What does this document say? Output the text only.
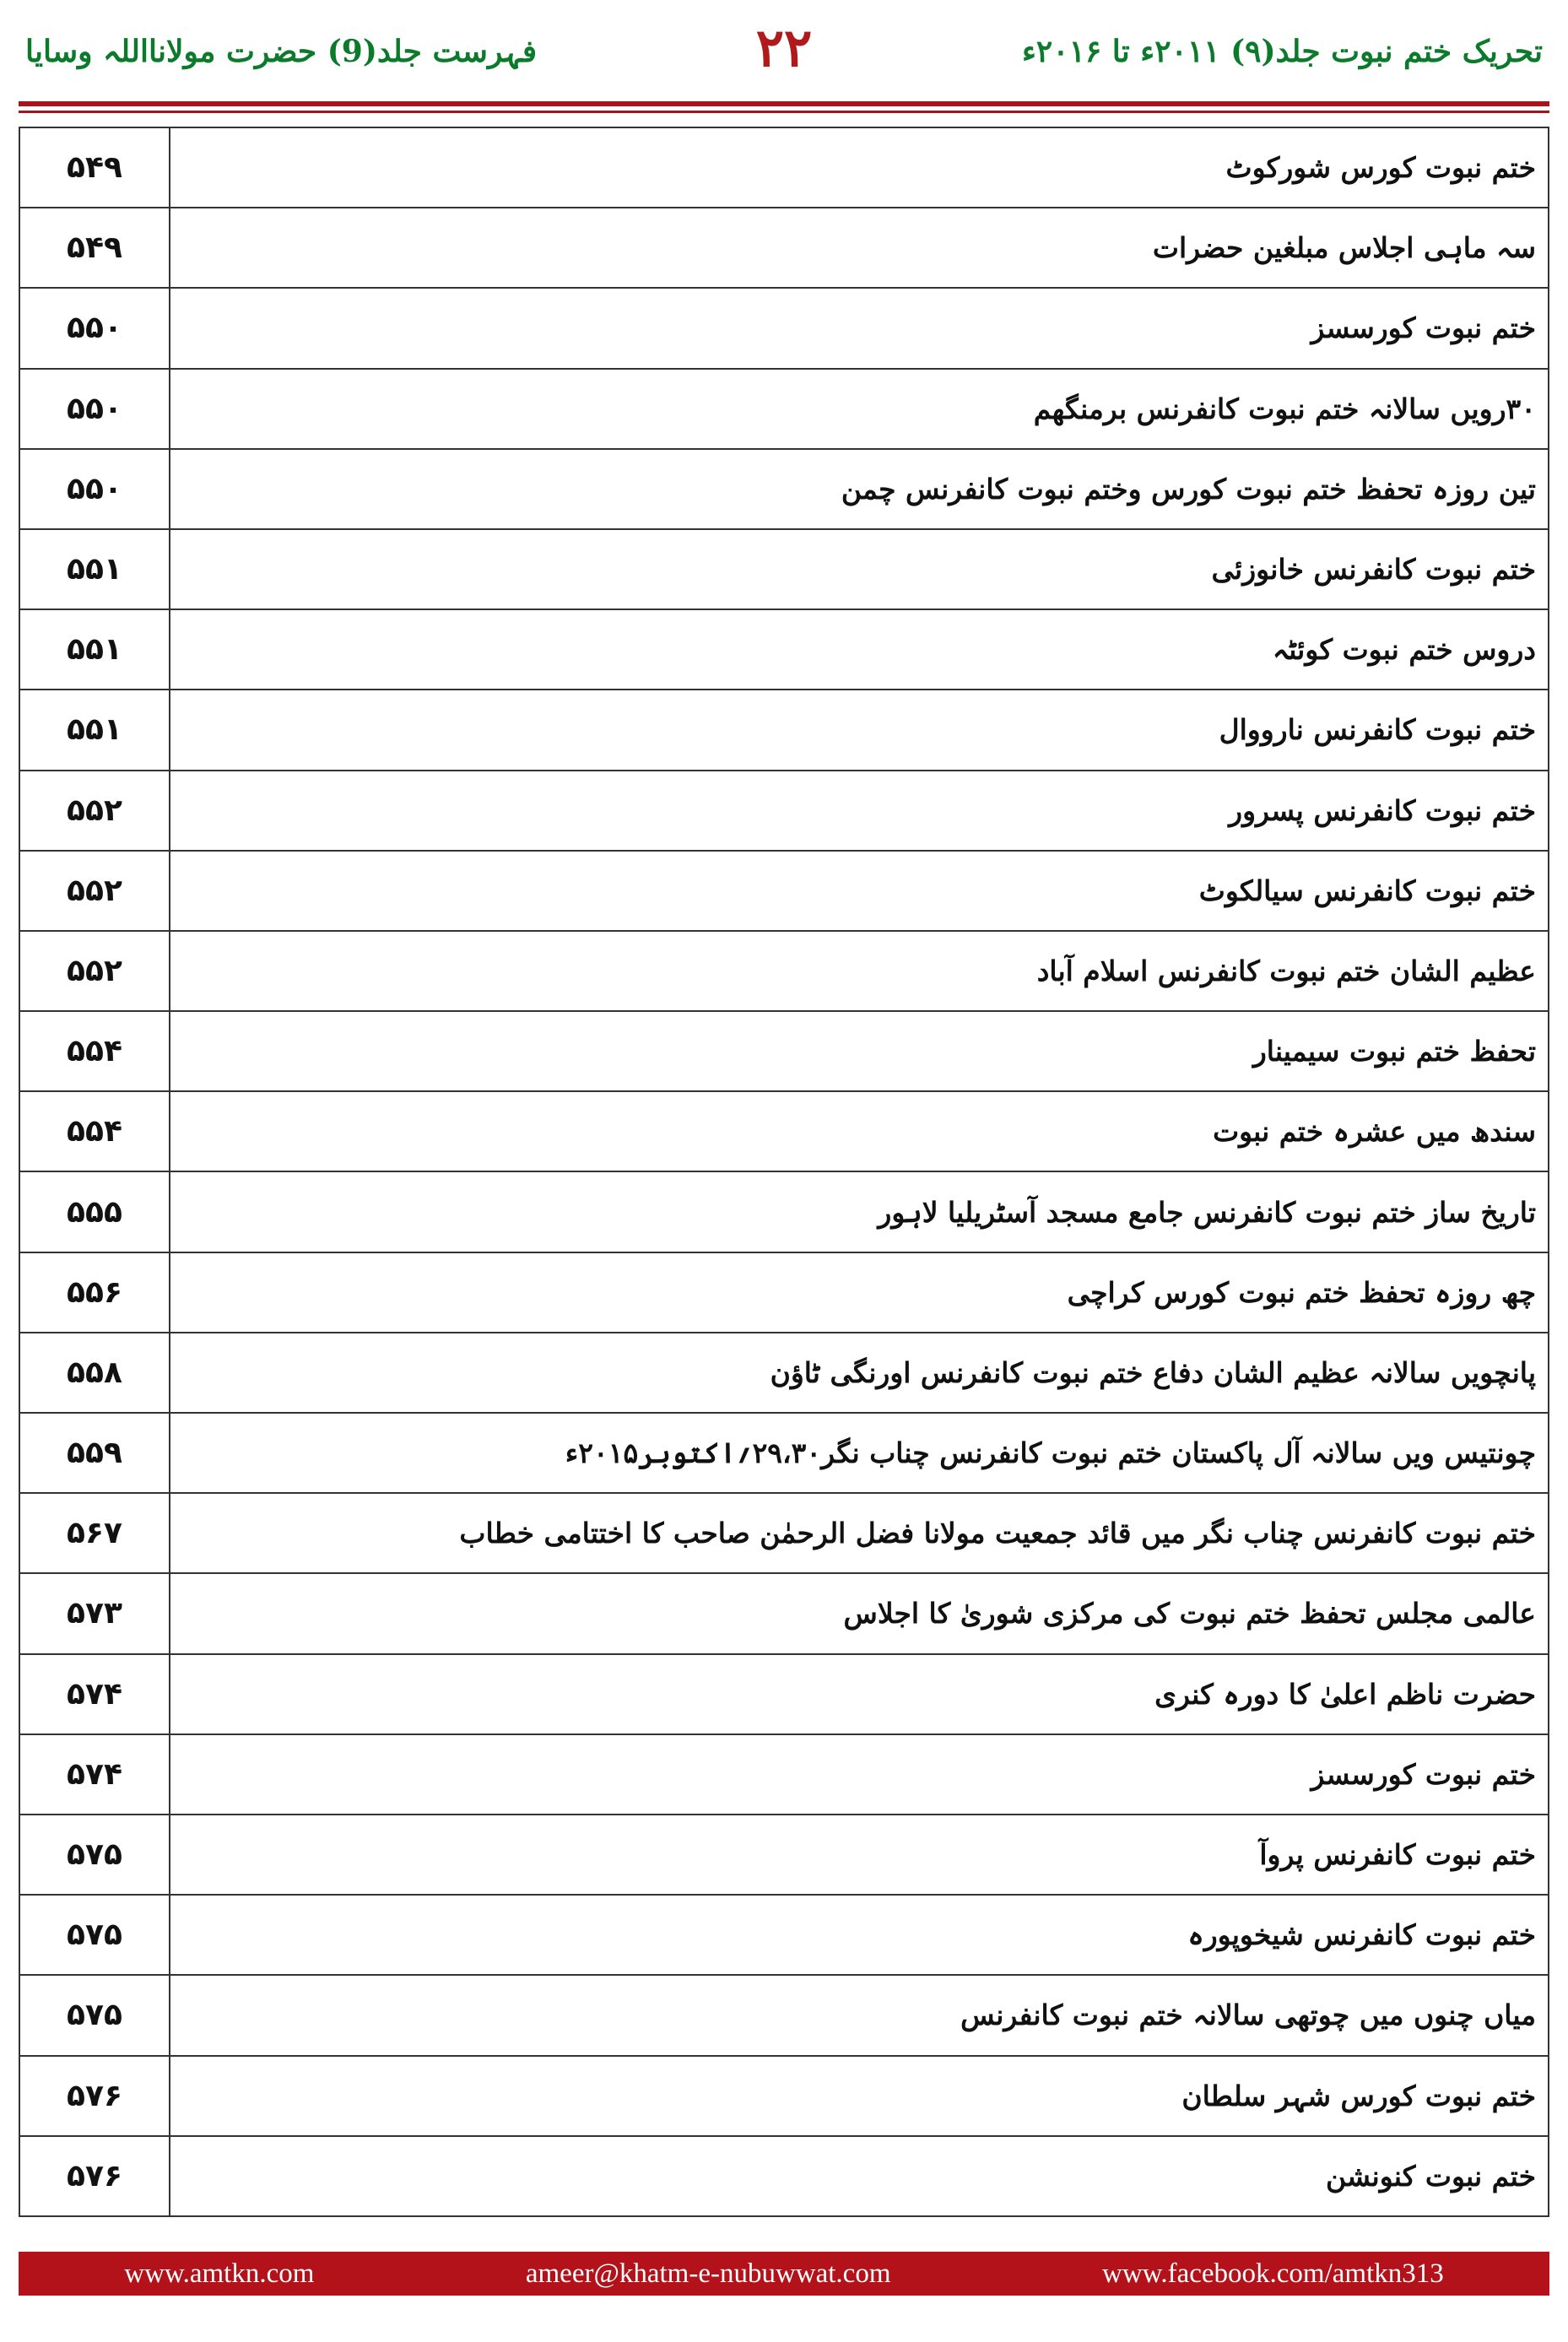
تحریک ختم نبوت جلد(۹) ۲۰۱۱ء تا ۲۰۱۶ء
۲۲
فہرست جلد(9) حضرت مولانااللہ وسایا
۵۴۹	ختم نبوت کورس شورکوٹ
۵۴۹	سہ ماہی اجلاس مبلغین حضرات
۵۵۰	ختم نبوت کورسسز
۵۵۰	۳۰رویں سالانہ ختم نبوت کانفرنس برمنگھم
۵۵۰	تین روزہ تحفظ ختم نبوت کورس وختم نبوت کانفرنس چمن
۵۵۱	ختم نبوت کانفرنس خانوزئی
۵۵۱	دروس ختم نبوت کوئٹہ
۵۵۱	ختم نبوت کانفرنس نارووال
۵۵۲	ختم نبوت کانفرنس پسرور
۵۵۲	ختم نبوت کانفرنس سیالکوٹ
۵۵۲	عظیم الشان ختم نبوت کانفرنس اسلام آباد
۵۵۴	تحفظ ختم نبوت سیمینار
۵۵۴	سندھ میں عشرہ ختم نبوت
۵۵۵	تاریخ ساز ختم نبوت کانفرنس جامع مسجد آسٹریلیا لاہور
۵۵۶	چھ روزہ تحفظ ختم نبوت کورس کراچی
۵۵۸	پانچویں سالانہ عظیم الشان دفاع ختم نبوت کانفرنس اورنگی ٹاؤن
۵۵۹	چونتیس ویں سالانہ آل پاکستان ختم نبوت کانفرنس چناب نگر۲۹،۳۰؍اکتوبر۲۰۱۵ء
۵۶۷	ختم نبوت کانفرنس چناب نگر میں قائد جمعیت مولانا فضل الرحمٰن صاحب کا اختتامی خطاب
۵۷۳	عالمی مجلس تحفظ ختم نبوت کی مرکزی شوریٰ کا اجلاس
۵۷۴	حضرت ناظم اعلیٰ کا دورہ کنری
۵۷۴	ختم نبوت کورسسز
۵۷۵	ختم نبوت کانفرنس پروآ
۵۷۵	ختم نبوت کانفرنس شیخوپورہ
۵۷۵	میاں چنوں میں چوتھی سالانہ ختم نبوت کانفرنس
۵۷۶	ختم نبوت کورس شہر سلطان
۵۷۶	ختم نبوت کنونشن
www.amtkn.com	ameer@khatm-e-nubuwwat.com	www.facebook.com/amtkn313
